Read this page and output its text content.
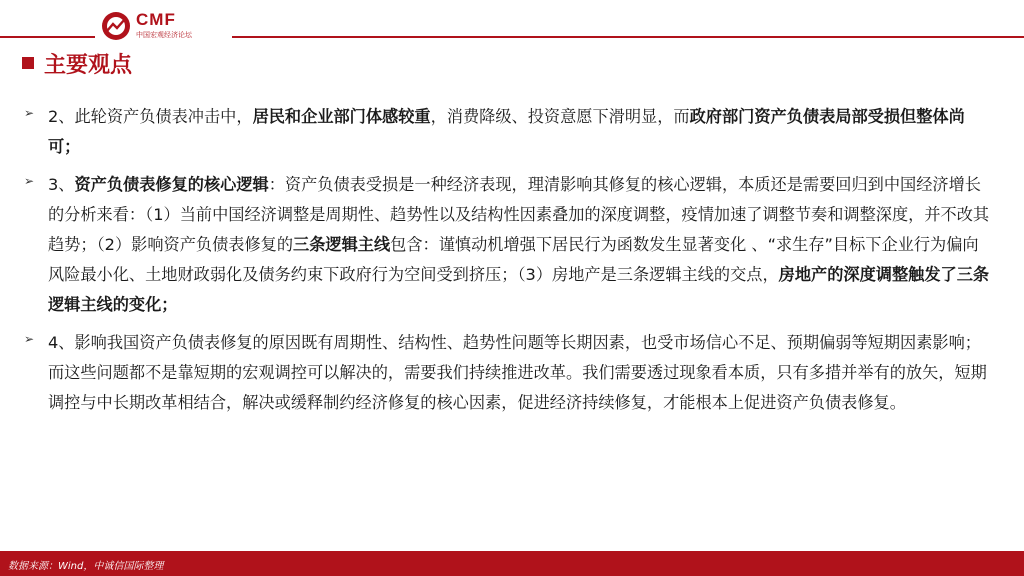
CMF
中国宏观经济论坛
主要观点
➢ 2、此轮资产负债表冲击中，居民和企业部门体感较重，消费降级、投资意愿下滑明显，而政府部门资产负债表局部受损但整体尚可；

➢ 3、资产负债表修复的核心逻辑：资产负债表受损是一种经济表现，理清影响其修复的核心逻辑，本质还是需要回归到中国经济增长的分析来看：（1）当前中国经济调整是周期性、趋势性以及结构性因素叠加的深度调整，疫情加速了调整节奏和调整深度，并不改其趋势；（2）影响资产负债表修复的三条逻辑主线包含：谨慎动机增强下居民行为函数发生显著变化 、“求生存”目标下企业行为偏向风险最小化、土地财政弱化及债务约束下政府行为空间受到挤压；（3）房地产是三条逻辑主线的交点，房地产的深度调整触发了三条逻辑主线的变化；

➢ 4、影响我国资产负债表修复的原因既有周期性、结构性、趋势性问题等长期因素，也受市场信心不足、预期偏弱等短期因素影响；而这些问题都不是靠短期的宏观调控可以解决的，需要我们持续推进改革。我们需要透过现象看本质，只有多措并举有的放矢，短期调控与中长期改革相结合，解决或缓释制约经济修复的核心因素，促进经济持续修复，才能根本上促进资产负债表修复。

数据来源：Wind，中诚信国际整理
